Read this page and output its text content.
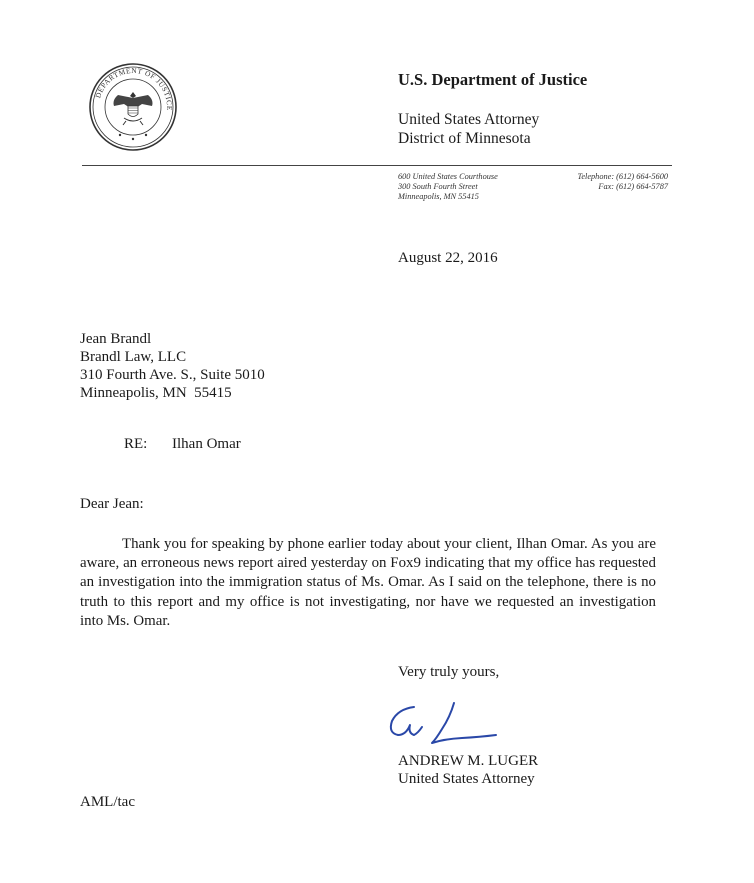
DEPARTMENT OF JUSTICE
U.S. Department of Justice
United States Attorney
District of Minnesota
600 United States Courthouse
300 South Fourth Street
Minneapolis, MN 55415
Telephone: (612) 664-5600
Fax: (612) 664-5787
August 22, 2016
Jean Brandl
Brandl Law, LLC
310 Fourth Ave. S., Suite 5010
Minneapolis, MN  55415
RE: Ilhan Omar
Dear Jean:
Thank you for speaking by phone earlier today about your client, Ilhan Omar. As you are aware, an erroneous news report aired yesterday on Fox9 indicating that my office has requested an investigation into the immigration status of Ms. Omar. As I said on the telephone, there is no truth to this report and my office is not investigating, nor have we requested an investigation into Ms. Omar.
Very truly yours,
ANDREW M. LUGER
United States Attorney
AML/tac
